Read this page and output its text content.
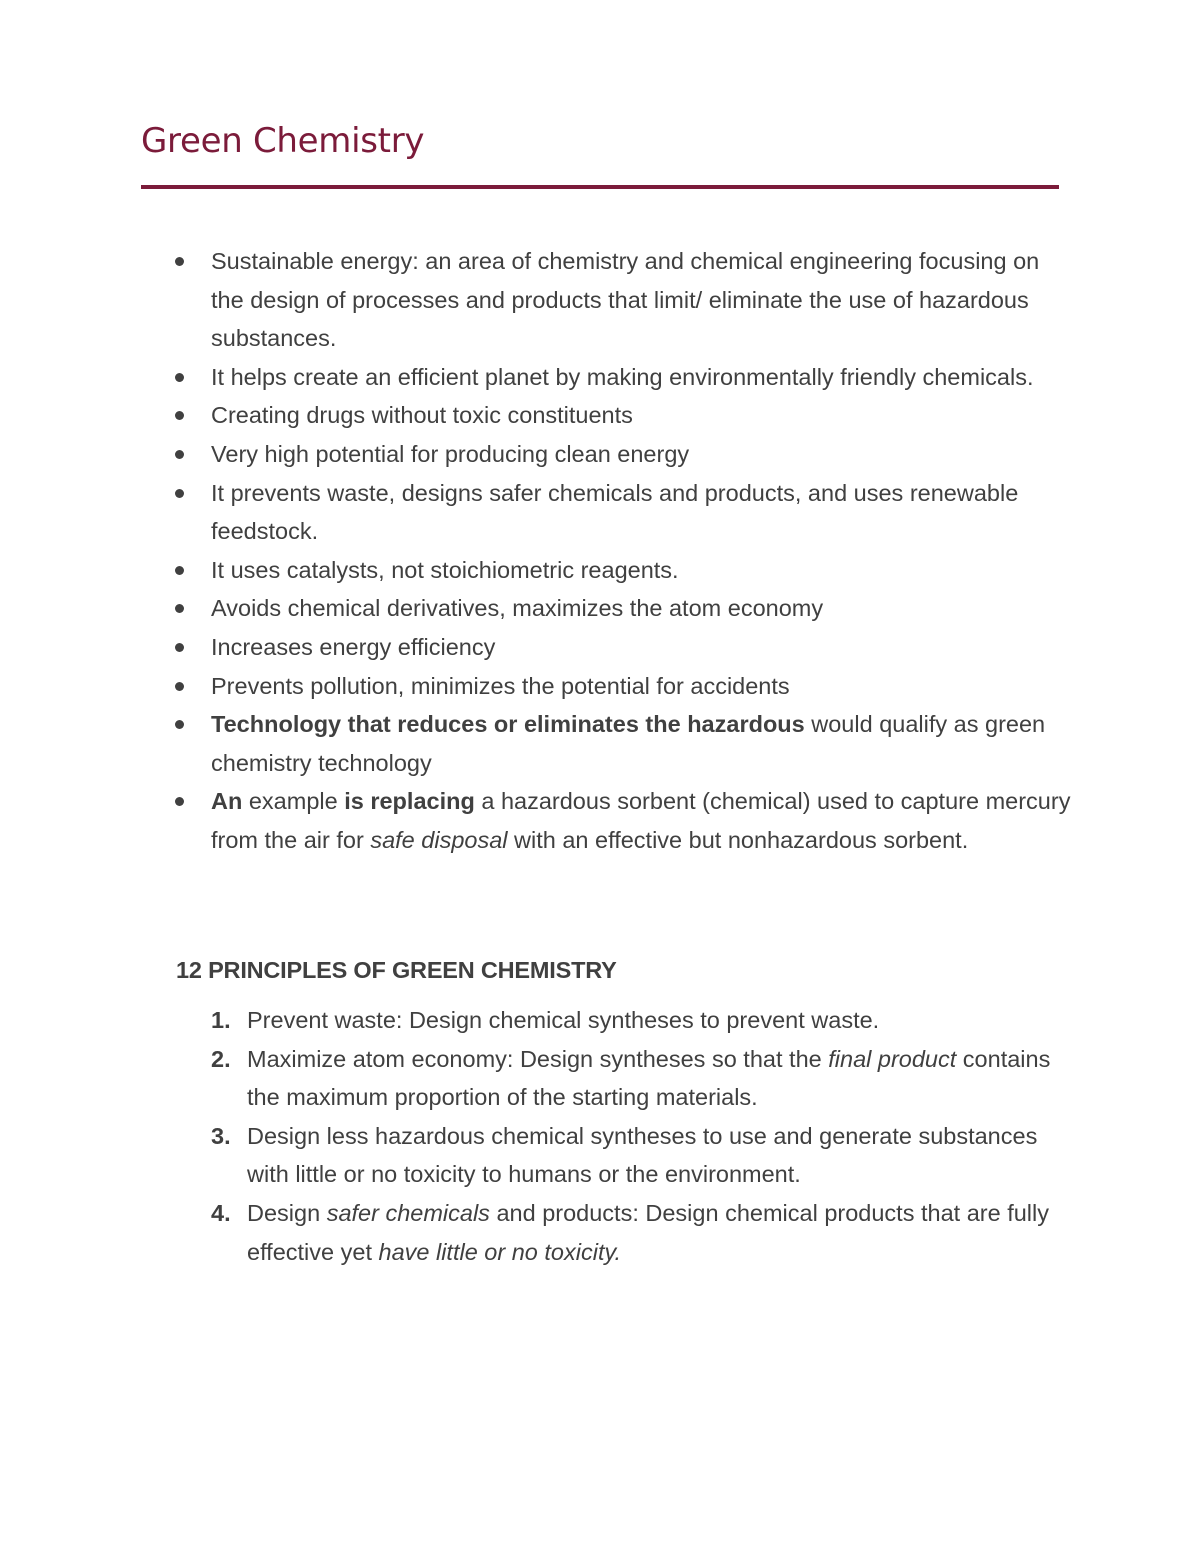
Green Chemistry
Sustainable energy: an area of chemistry and chemical engineering focusing on the design of processes and products that limit/ eliminate the use of hazardous substances.
It helps create an efficient planet by making environmentally friendly chemicals.
Creating drugs without toxic constituents
Very high potential for producing clean energy
It prevents waste, designs safer chemicals and products, and uses renewable feedstock.
It uses catalysts, not stoichiometric reagents.
Avoids chemical derivatives, maximizes the atom economy
Increases energy efficiency
Prevents pollution, minimizes the potential for accidents
Technology that reduces or eliminates the hazardous would qualify as green chemistry technology
An example is replacing a hazardous sorbent (chemical) used to capture mercury from the air for safe disposal with an effective but nonhazardous sorbent.
12 PRINCIPLES OF GREEN CHEMISTRY
1. Prevent waste: Design chemical syntheses to prevent waste.
2. Maximize atom economy: Design syntheses so that the final product contains the maximum proportion of the starting materials.
3. Design less hazardous chemical syntheses to use and generate substances with little or no toxicity to humans or the environment.
4. Design safer chemicals and products: Design chemical products that are fully effective yet have little or no toxicity.
